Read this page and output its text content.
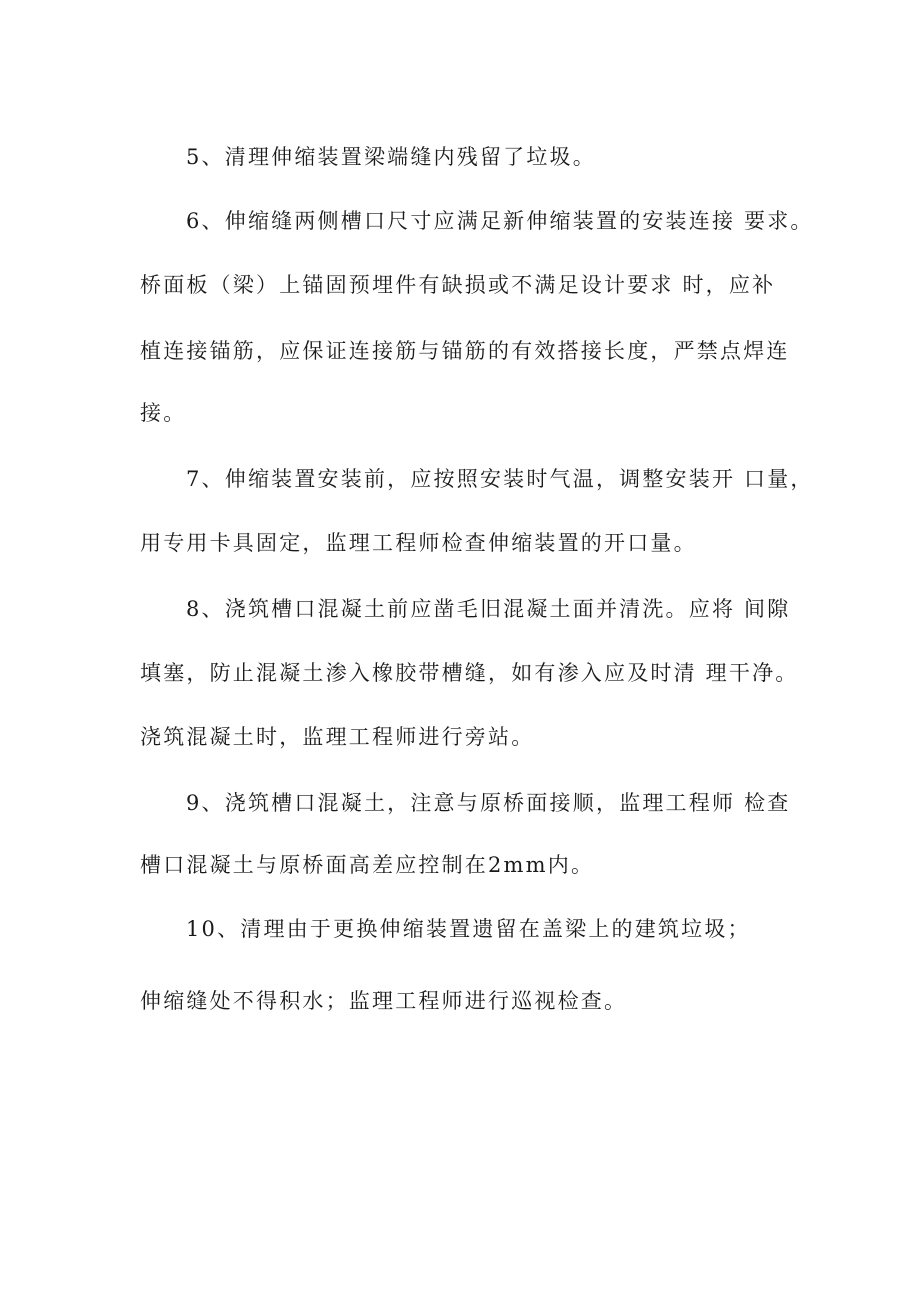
5、清理伸缩装置梁端缝内残留了垃圾。
6、伸缩缝两侧槽口尺寸应满足新伸缩装置的安装连接 要求。
桥面板（梁）上锚固预埋件有缺损或不满足设计要求 时，应补
植连接锚筋，应保证连接筋与锚筋的有效搭接长度，严禁点焊连
接。
7、伸缩装置安装前，应按照安装时气温，调整安装开 口量，
用专用卡具固定，监理工程师检查伸缩装置的开口量。
8、浇筑槽口混凝土前应凿毛旧混凝土面并清洗。应将 间隙
填塞，防止混凝土渗入橡胶带槽缝，如有渗入应及时清 理干净。
浇筑混凝土时，监理工程师进行旁站。
9、浇筑槽口混凝土，注意与原桥面接顺，监理工程师 检查
槽口混凝土与原桥面高差应控制在2mm内。
10、清理由于更换伸缩装置遗留在盖梁上的建筑垃圾；
伸缩缝处不得积水；监理工程师进行巡视检查。
